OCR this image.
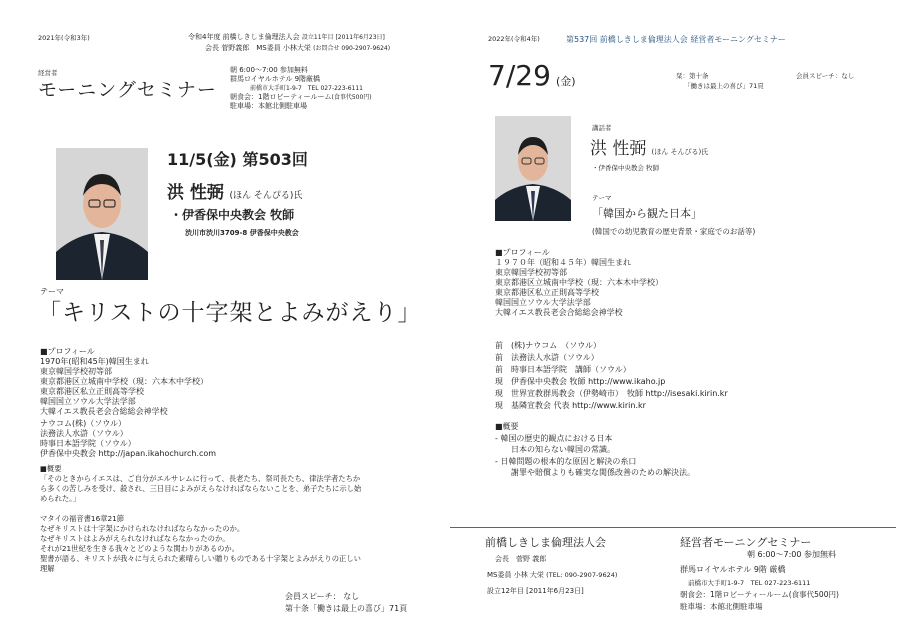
2021年(令和3年)	令和4年度 前橋しきしま倫理法人会 設立11年目 [2011年6月23日]
会長 菅野義郎　MS委員 小林大栄 (お問合せ 090-2907-9624)
経営者
モーニングセミナー
朝 6:00～7:00 参加無料
群馬ロイヤルホテル 9階厳橋
前橋市大手町1-9-7　TEL 027-223-6111
朝食会：1階ロビーティールーム(食事代500円)
駐車場：本館北側駐車場
11/5(金) 第503回
洪 性弼 (ほん そんぴる)氏
・伊香保中央教会 牧師
渋川市渋川3709-8 伊香保中央教会
テーマ
「キリストの十字架とよみがえり」
■プロフィール
1970年(昭和45年)韓国生まれ
東京韓国学校初等部
東京都港区立城南中学校（現：六本木中学校）
東京都港区私立正則高等学校
韓国国立ソウル大学法学部
大韓イエス教長老会合総総会神学校
ナウコム(株)（ソウル）
法務法人水滸（ソウル）
時事日本語学院（ソウル）
伊香保中央教会 http://japan.ikahochurch.com
■概要
「そのときからイエスは、ご自分がエルサレムに行って、長老たち、祭司長たち、律法学者たちか
ら多くの苦しみを受け、殺され、三日目によみがえらなければならないことを、弟子たちに示し始
められた。」
マタイの福音書16章21節
なぜキリストは十字架にかけられなければならなかったのか。
なぜキリストはよみがえられなければならなかったのか。
それが21世紀を生きる我々とどのような関わりがあるのか。
聖書が語る、キリストが我々に与えられた素晴らしい贈りものである十字架とよみがえりの正しい
理解
会員スピーチ： なし
第十条「働きは最上の喜び」71頁
2022年(令和4年)	第537回 前橋しきしま倫理法人会 経営者モーニングセミナー
7/29 (金)	栞：第十条
「働きは最上の喜び」71頁
会員スピーチ：なし
講話者
洪 性弼 (ほん そんぴる)氏
・伊香保中央教会 牧師
テーマ
「韓国から観た日本」
(韓国での幼児教育の歴史背景・家庭でのお話等)
■プロフィール
１９７０年（昭和４５年）韓国生まれ
東京韓国学校初等部
東京都港区立城南中学校（現：六本木中学校）
東京都港区私立正則高等学校
韓国国立ソウル大学法学部
大韓イエス教長老会合総総会神学校
前　(株)ナウコム　（ソウル）
前　法務法人水滸（ソウル）
前　時事日本語学院　講師（ソウル）
現　伊香保中央教会 牧師 http://www.ikaho.jp
現　世界宣教群馬教会（伊勢崎市）　牧師 http://isesaki.kirin.kr
現　基隣宣教会 代表 http://www.kirin.kr
■概要
- 韓国の歴史的観点における日本
　　日本の知らない韓国の常識。
- 日韓問題の根本的な原因と解決の糸口
　　謝罪や賠償よりも確実な関係改善のための解決法。
前橋しきしま倫理法人会
会長　菅野 義郎
MS委員 小林 大栄 (TEL: 090-2907-9624)
設立12年目 [2011年6月23日]
経営者モーニングセミナー
朝 6:00～7:00 参加無料
群馬ロイヤルホテル 9階 厳橋
前橋市大手町1-9-7　TEL 027-223-6111
朝食会：1階ロビーティールーム(食事代500円)
駐車場：本館北側駐車場
